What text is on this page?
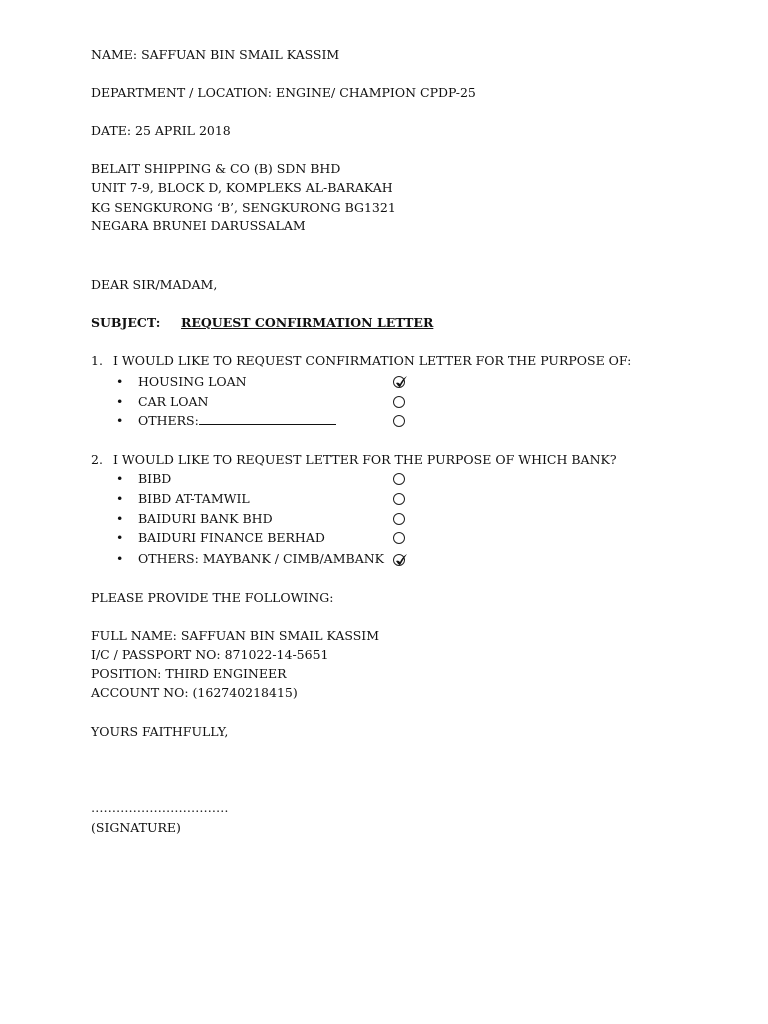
NAME: SAFFUAN BIN SMAIL KASSIM
DEPARTMENT / LOCATION: ENGINE/ CHAMPION CPDP-25
DATE: 25 APRIL 2018
BELAIT SHIPPING & CO (B) SDN BHD
UNIT 7-9, BLOCK D, KOMPLEKS AL-BARAKAH
KG SENGKURONG ‘B’, SENGKURONG BG1321
NEGARA BRUNEI DARUSSALAM
DEAR SIR/MADAM,
SUBJECT: REQUEST CONFIRMATION LETTER
1. I WOULD LIKE TO REQUEST CONFIRMATION LETTER FOR THE PURPOSE OF:
• HOUSING LOAN
• CAR LOAN
• OTHERS:
2. I WOULD LIKE TO REQUEST LETTER FOR THE PURPOSE OF WHICH BANK?
• BIBD
• BIBD AT-TAMWIL
• BAIDURI BANK BHD
• BAIDURI FINANCE BERHAD
• OTHERS: MAYBANK / CIMB/AMBANK
PLEASE PROVIDE THE FOLLOWING:
FULL NAME: SAFFUAN BIN SMAIL KASSIM
I/C / PASSPORT NO: 871022-14-5651
POSITION: THIRD ENGINEER
ACCOUNT NO: (162740218415)
YOURS FAITHFULLY,
……………………………
(SIGNATURE)
